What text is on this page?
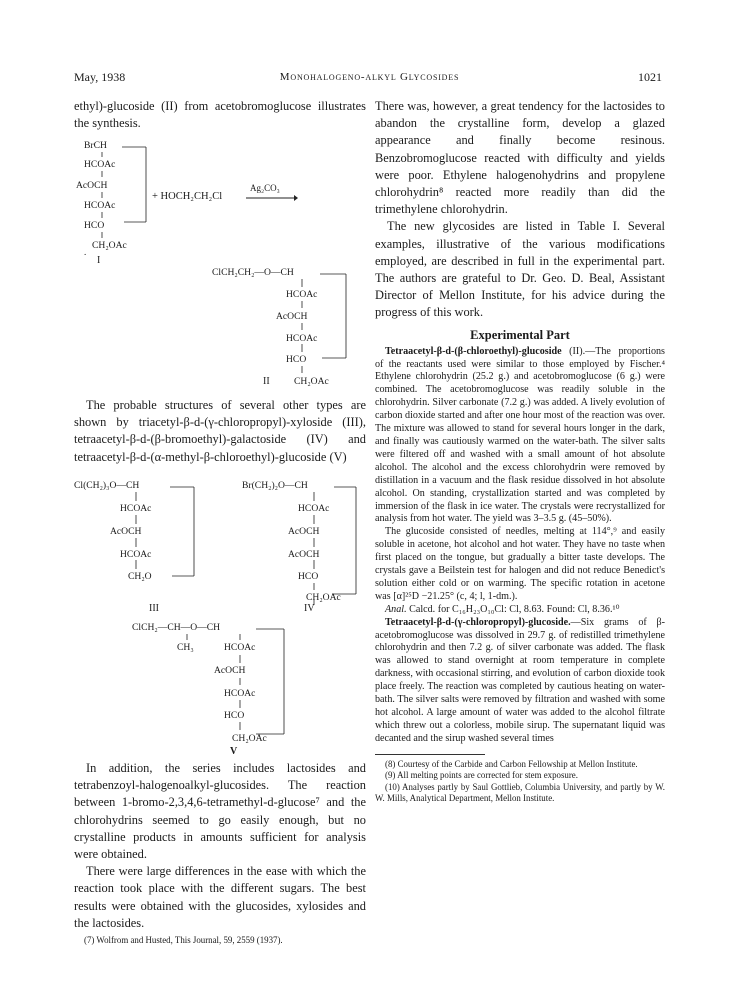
May, 1938	Monohalogeno-alkyl Glycosides	1021
ethyl)-glucoside (II) from acetobromoglucose illustrates the synthesis.
BrCH
HCOAc
AcOCH
HCOAc
HCO
CH₂OAc
I
.
+ HOCH₂CH₂Cl
Ag₂CO₃
ClCH₂CH₂—O—CH
HCOAc
AcOCH
HCOAc
HCO
CH₂OAc
II
The probable structures of several other types are shown by triacetyl-β-d-(γ-chloropropyl)-xyloside (III), tetraacetyl-β-d-(β-bromoethyl)-galactoside (IV) and tetraacetyl-β-d-(α-methyl-β-chloroethyl)-glucoside (V)
Cl(CH₂)₃O—CH
HCOAc
AcOCH
HCOAc
CH₂O
III
Br(CH₂)₂O—CH
HCOAc
AcOCH
AcOCH
HCO
CH₂OAc
IV
ClCH₂—CH—O—CH
CH₃	HCOAc
AcOCH
HCOAc
HCO
CH₂OAc
V
In addition, the series includes lactosides and tetrabenzoyl-halogenoalkyl-glucosides. The reaction between 1-bromo-2,3,4,6-tetramethyl-d-glucose⁷ and the chlorohydrins seemed to go easily enough, but no crystalline products in amounts sufficient for analysis were obtained.
There were large differences in the ease with which the reaction took place with the different sugars. The best results were obtained with the glucosides, xylosides and the lactosides.
(7) Wolfrom and Husted, This Journal, 59, 2559 (1937).
There was, however, a great tendency for the lactosides to abandon the crystalline form, develop a glazed appearance and finally become resinous. Benzobromoglucose reacted with difficulty and yields were poor. Ethylene halogenohydrins and propylene chlorohydrin⁸ reacted more readily than did the trimethylene chlorohydrin.
The new glycosides are listed in Table I. Several examples, illustrative of the various modifications employed, are described in full in the experimental part. The authors are grateful to Dr. Geo. D. Beal, Assistant Director of Mellon Institute, for his advice during the progress of this work.
Experimental Part
Tetraacetyl-β-d-(β-chloroethyl)-glucoside (II).—The proportions of the reactants used were similar to those employed by Fischer.⁴ Ethylene chlorohydrin (25.2 g.) and acetobromoglucose (6 g.) were combined. The acetobromoglucose was readily soluble in the chlorohydrin. Silver carbonate (7.2 g.) was added. A lively evolution of carbon dioxide started and after one hour most of the reaction was over. The mixture was allowed to stand for several hours longer in the dark, and finally was cautiously warmed on the water-bath. The silver salts were filtered off and washed with a small amount of hot absolute alcohol. The alcohol and the excess chlorohydrin were removed by distillation in a vacuum and the flask residue dissolved in hot absolute alcohol. On standing, crystallization started and was completed by immersion of the flask in ice water. The crystals were recrystallized for analysis from hot water. The yield was 3–3.5 g. (45–50%).
The glucoside consisted of needles, melting at 114°,⁹ and easily soluble in acetone, hot alcohol and hot water. They have no taste when first placed on the tongue, but gradually a bitter taste develops. The crystals gave a Beilstein test for halogen and did not reduce Benedict's solution either cold or on warming. The specific rotation in acetone was [α]²⁵D −21.25° (c, 4; l, 1-dm.).
Anal. Calcd. for C₁₆H₂₃O₁₀Cl: Cl, 8.63. Found: Cl, 8.36.¹⁰
Tetraacetyl-β-d-(γ-chloropropyl)-glucoside.—Six grams of β-acetobromoglucose was dissolved in 29.7 g. of redistilled trimethylene chlorohydrin and then 7.2 g. of silver carbonate was added. The flask was allowed to stand overnight at room temperature in complete darkness, with occasional stirring, and evolution of carbon dioxide took place freely. The reaction was completed by cautious heating on water-bath. The silver salts were removed by filtration and washed with some hot alcohol. A large amount of water was added to the alcohol filtrate which threw out a colorless, mobile sirup. The supernatant liquid was decanted and the sirup washed several times
(8) Courtesy of the Carbide and Carbon Fellowship at Mellon Institute.
(9) All melting points are corrected for stem exposure.
(10) Analyses partly by Saul Gottlieb, Columbia University, and partly by W. W. Mills, Analytical Department, Mellon Institute.
